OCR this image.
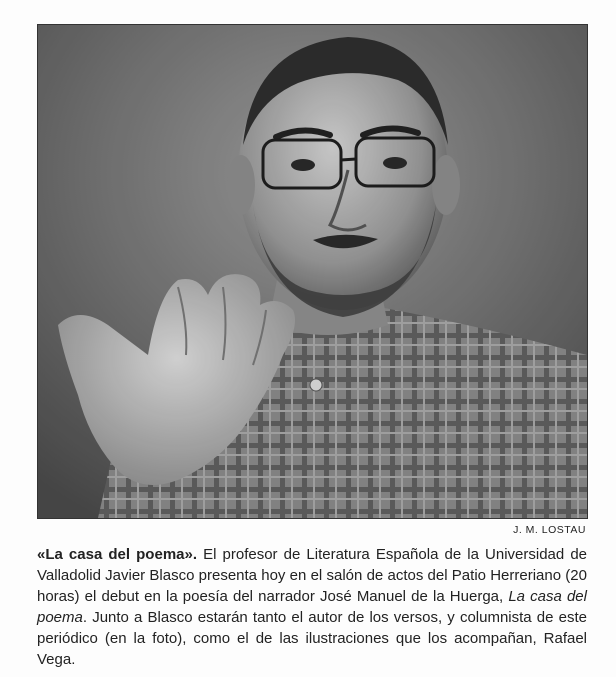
J. M. LOSTAU

«La casa del poema». El profesor de Literatura Española de la Universidad de Valladolid Javier Blasco presenta hoy en el salón de actos del Patio Herreriano (20 horas) el debut en la poesía del narrador José Manuel de la Huerga, La casa del poema. Junto a Blasco estarán tanto el autor de los versos, y columnista de este periódico (en la foto), como el de las ilustraciones que los acompañan, Rafael Vega.
